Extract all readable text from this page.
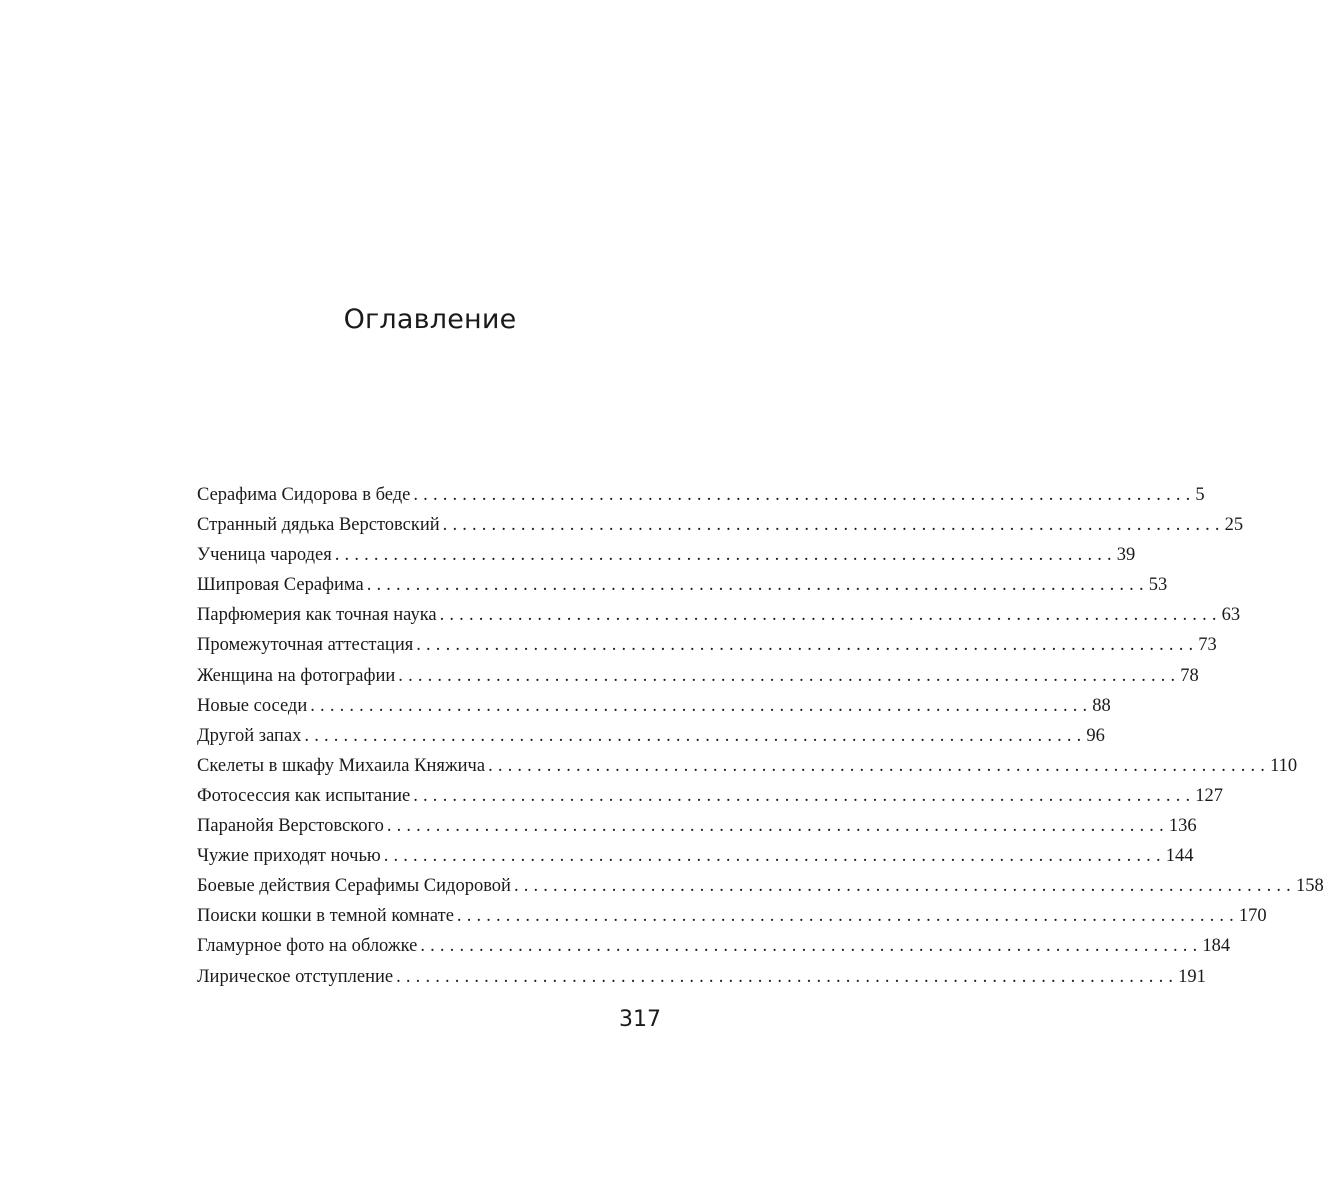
Оглавление
Серафима Сидорова в беде ................................................................................ 5
Странный дядька Верстовский ................................................................................ 25
Ученица чародея ................................................................................ 39
Шипровая Серафима ................................................................................ 53
Парфюмерия как точная наука ................................................................................ 63
Промежуточная аттестация ................................................................................ 73
Женщина на фотографии ................................................................................ 78
Новые соседи ................................................................................ 88
Другой запах ................................................................................ 96
Скелеты в шкафу Михаила Княжича ................................................................................ 110
Фотосессия как испытание ................................................................................ 127
Паранойя Верстовского ................................................................................ 136
Чужие приходят ночью ................................................................................ 144
Боевые действия Серафимы Сидоровой ................................................................................ 158
Поиски кошки в темной комнате ................................................................................ 170
Гламурное фото на обложке ................................................................................ 184
Лирическое отступление ................................................................................ 191
317
